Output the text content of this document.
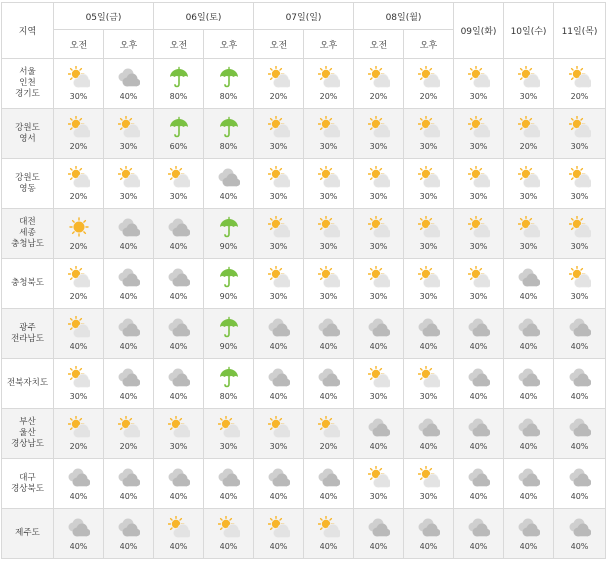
지역	05일(금)		06일(토)		07일(일)		08일(월)		09일(화)	10일(수)	11일(목)
	오전	오후	오전	오후	오전	오후	오전	오후			

서울
인천
경기도	30%	40%	80%	80%	20%	20%	20%	20%	30%	30%	20%

강원도
영서	20%	30%	60%	80%	30%	30%	30%	30%	30%	20%	30%

강원도
영동	20%	30%	30%	40%	30%	30%	30%	30%	30%	30%	30%

대전
세종
충청남도	20%	40%	40%	90%	30%	30%	30%	30%	30%	30%	30%

충청북도	20%	40%	40%	90%	30%	30%	30%	30%	30%	40%	30%

광주
전라남도	40%	40%	40%	90%	40%	40%	40%	40%	40%	40%	40%

전북자치도	30%	40%	40%	80%	40%	40%	30%	30%	40%	40%	40%

부산
울산
경상남도	20%	20%	30%	30%	30%	20%	40%	40%	40%	40%	40%

대구
경상북도	40%	40%	40%	40%	40%	40%	30%	30%	40%	40%	40%

제주도	40%	40%	40%	40%	40%	40%	40%	40%	40%	40%	40%
